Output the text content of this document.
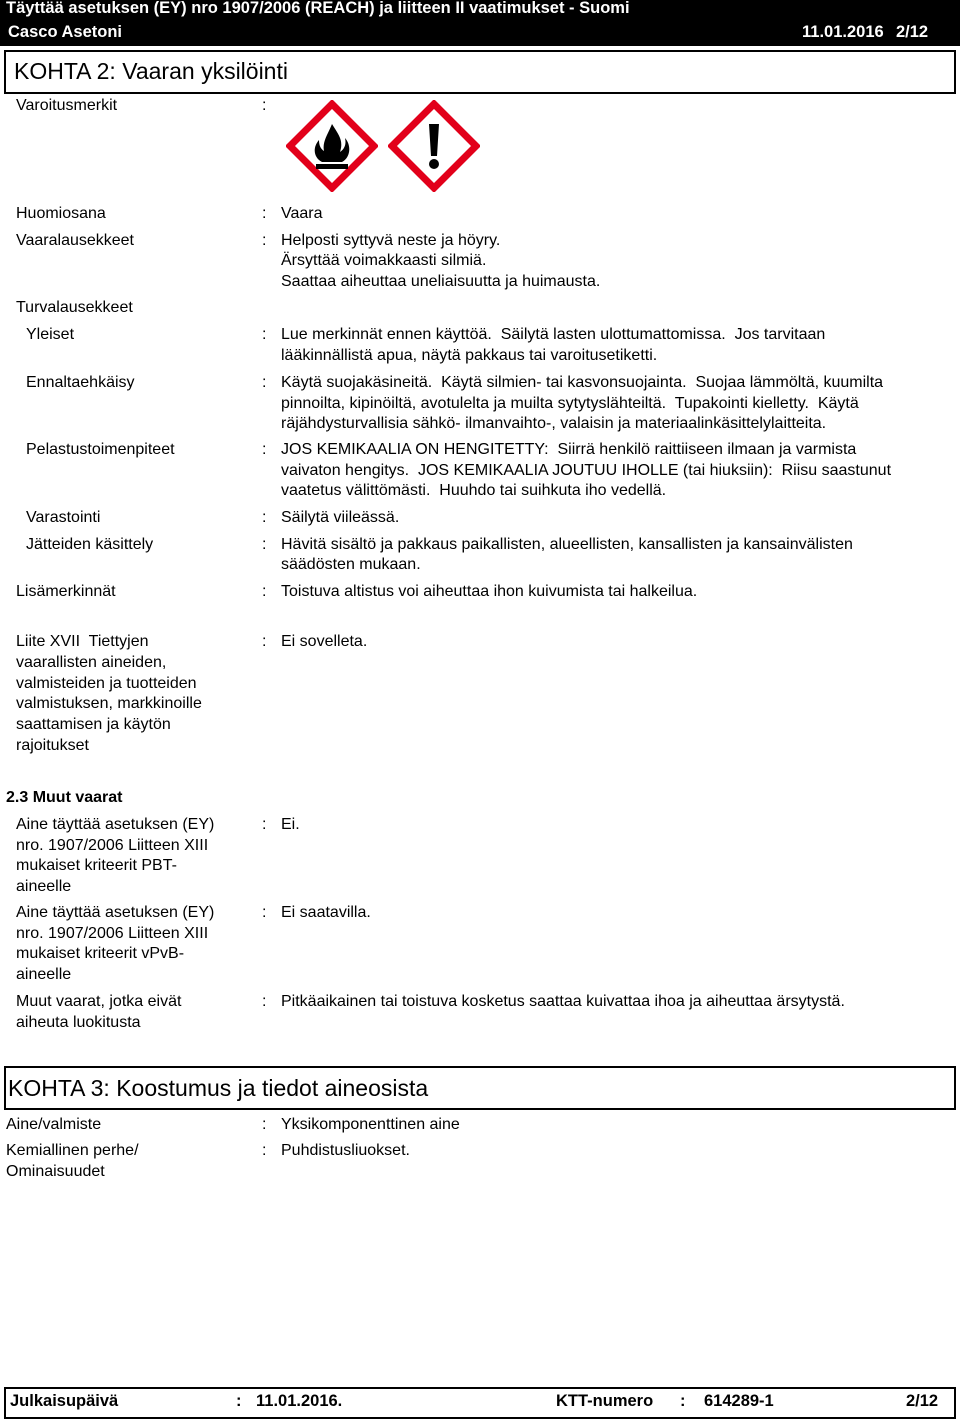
Täyttää asetuksen (EY) nro 1907/2006 (REACH) ja liitteen II vaatimukset - Suomi
Casco Asetoni	11.01.2016 2/12
KOHTA 2: Vaaran yksilöinti
Varoitusmerkit	:
Huomiosana	: Vaara
Vaaralausekkeet	: Helposti syttyvä neste ja höyry.
Ärsyttää voimakkaasti silmiä.
Saattaa aiheuttaa uneliaisuutta ja huimausta.
Turvalausekkeet
Yleiset	: Lue merkinnät ennen käyttöä.  Säilytä lasten ulottumattomissa.  Jos tarvitaan
lääkinnällistä apua, näytä pakkaus tai varoitusetiketti.
Ennaltaehkäisy	: Käytä suojakäsineitä.  Käytä silmien- tai kasvonsuojainta.  Suojaa lämmöltä, kuumilta
pinnoilta, kipinöiltä, avotulelta ja muilta sytytyslähteiltä.  Tupakointi kielletty.  Käytä
räjähdysturvallisia sähkö- ilmanvaihto-, valaisin ja materiaalinkäsittelylaitteita.
Pelastustoimenpiteet	: JOS KEMIKAALIA ON HENGITETTY:  Siirrä henkilö raittiiseen ilmaan ja varmista
vaivaton hengitys.  JOS KEMIKAALIA JOUTUU IHOLLE (tai hiuksiin):  Riisu saastunut
vaatetus välittömästi.  Huuhdo tai suihkuta iho vedellä.
Varastointi	: Säilytä viileässä.
Jätteiden käsittely	: Hävitä sisältö ja pakkaus paikallisten, alueellisten, kansallisten ja kansainvälisten
säädösten mukaan.
Lisämerkinnät	: Toistuva altistus voi aiheuttaa ihon kuivumista tai halkeilua.
Liite XVII  Tiettyjen
vaarallisten aineiden,
valmisteiden ja tuotteiden
valmistuksen, markkinoille
saattamisen ja käytön
rajoitukset
: Ei sovelleta.
2.3 Muut vaarat
Aine täyttää asetuksen (EY)
nro. 1907/2006 Liitteen XIII
mukaiset kriteerit PBT-
aineelle
: Ei.
Aine täyttää asetuksen (EY)
nro. 1907/2006 Liitteen XIII
mukaiset kriteerit vPvB-
aineelle
: Ei saatavilla.
Muut vaarat, jotka eivät
aiheuta luokitusta
: Pitkäaikainen tai toistuva kosketus saattaa kuivattaa ihoa ja aiheuttaa ärsytystä.
KOHTA 3: Koostumus ja tiedot aineosista
Aine/valmiste	: Yksikomponenttinen aine
Kemiallinen perhe/
Ominaisuudet
: Puhdistusliuokset.
Julkaisupäivä	: 11.01.2016.	KTT-numero : 614289-1	2/12
